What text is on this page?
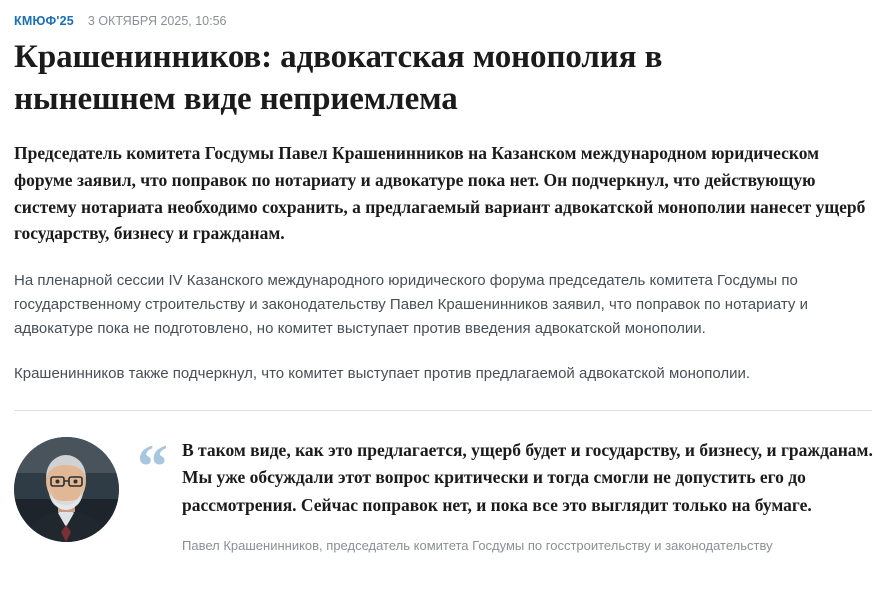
КМЮФ'25 3 ОКТЯБРЯ 2025, 10:56
Крашенинников: адвокатская монополия в нынешнем виде неприемлема

Председатель комитета Госдумы Павел Крашенинников на Казанском международном юридическом форуме заявил, что поправок по нотариату и адвокатуре пока нет. Он подчеркнул, что действующую систему нотариата необходимо сохранить, а предлагаемый вариант адвокатской монополии нанесет ущерб государству, бизнесу и гражданам.

На пленарной сессии IV Казанского международного юридического форума председатель комитета Госдумы по государственному строительству и законодательству Павел Крашенинников заявил, что поправок по нотариату и адвокатуре пока не подготовлено, но комитет выступает против введения адвокатской монополии.

Крашенинников также подчеркнул, что комитет выступает против предлагаемой адвокатской монополии.

“ В таком виде, как это предлагается, ущерб будет и государству, и бизнесу, и гражданам. Мы уже обсуждали этот вопрос критически и тогда смогли не допустить его до рассмотрения. Сейчас поправок нет, и пока все это выглядит только на бумаге.

Павел Крашенинников, председатель комитета Госдумы по госстроительству и законодательству
